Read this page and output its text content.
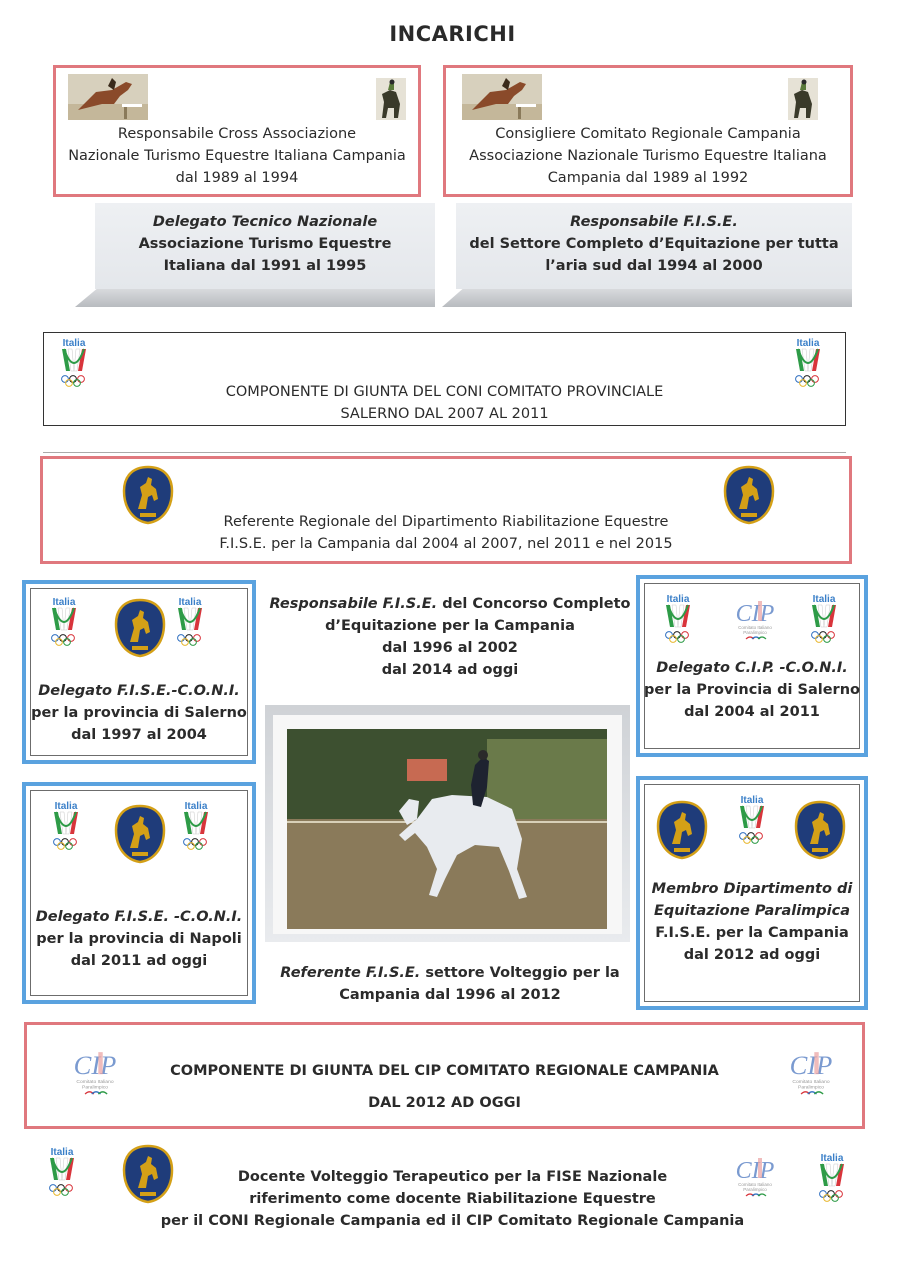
INCARICHI
Responsabile Cross Associazione
Nazionale Turismo Equestre Italiana Campania
dal 1989 al 1994
Consigliere Comitato Regionale Campania
Associazione Nazionale Turismo Equestre Italiana
Campania dal 1989 al 1992
Delegato Tecnico Nazionale
Associazione Turismo Equestre
Italiana dal 1991 al 1995
Responsabile F.I.S.E.
del Settore Completo d’Equitazione per tutta
l’aria sud dal 1994 al 2000
COMPONENTE DI GIUNTA DEL CONI COMITATO PROVINCIALE
SALERNO DAL 2007 AL 2011
Referente Regionale del Dipartimento Riabilitazione Equestre
F.I.S.E. per la Campania dal 2004 al 2007, nel 2011 e nel 2015
Delegato F.I.S.E.-C.O.N.I.
per la provincia di Salerno
dal 1997 al 2004
Responsabile F.I.S.E. del Concorso Completo
d’Equitazione per la Campania
dal 1996 al 2002
dal 2014 ad oggi	Delegato C.I.P. -C.O.N.I.
per la Provincia di Salerno
dal 2004 al 2011
Delegato F.I.S.E. -C.O.N.I.
per la provincia di Napoli
dal 2011 ad oggi
Referente F.I.S.E. settore Volteggio per la
Campania dal 1996 al 2012
Membro Dipartimento di
Equitazione Paralimpica
F.I.S.E. per la Campania
dal 2012 ad oggi
COMPONENTE DI GIUNTA DEL CIP COMITATO REGIONALE CAMPANIA
DAL 2012 AD OGGI
Docente Volteggio Terapeutico per la FISE Nazionale
riferimento come docente Riabilitazione Equestre
per il CONI Regionale Campania ed il CIP Comitato Regionale Campania
